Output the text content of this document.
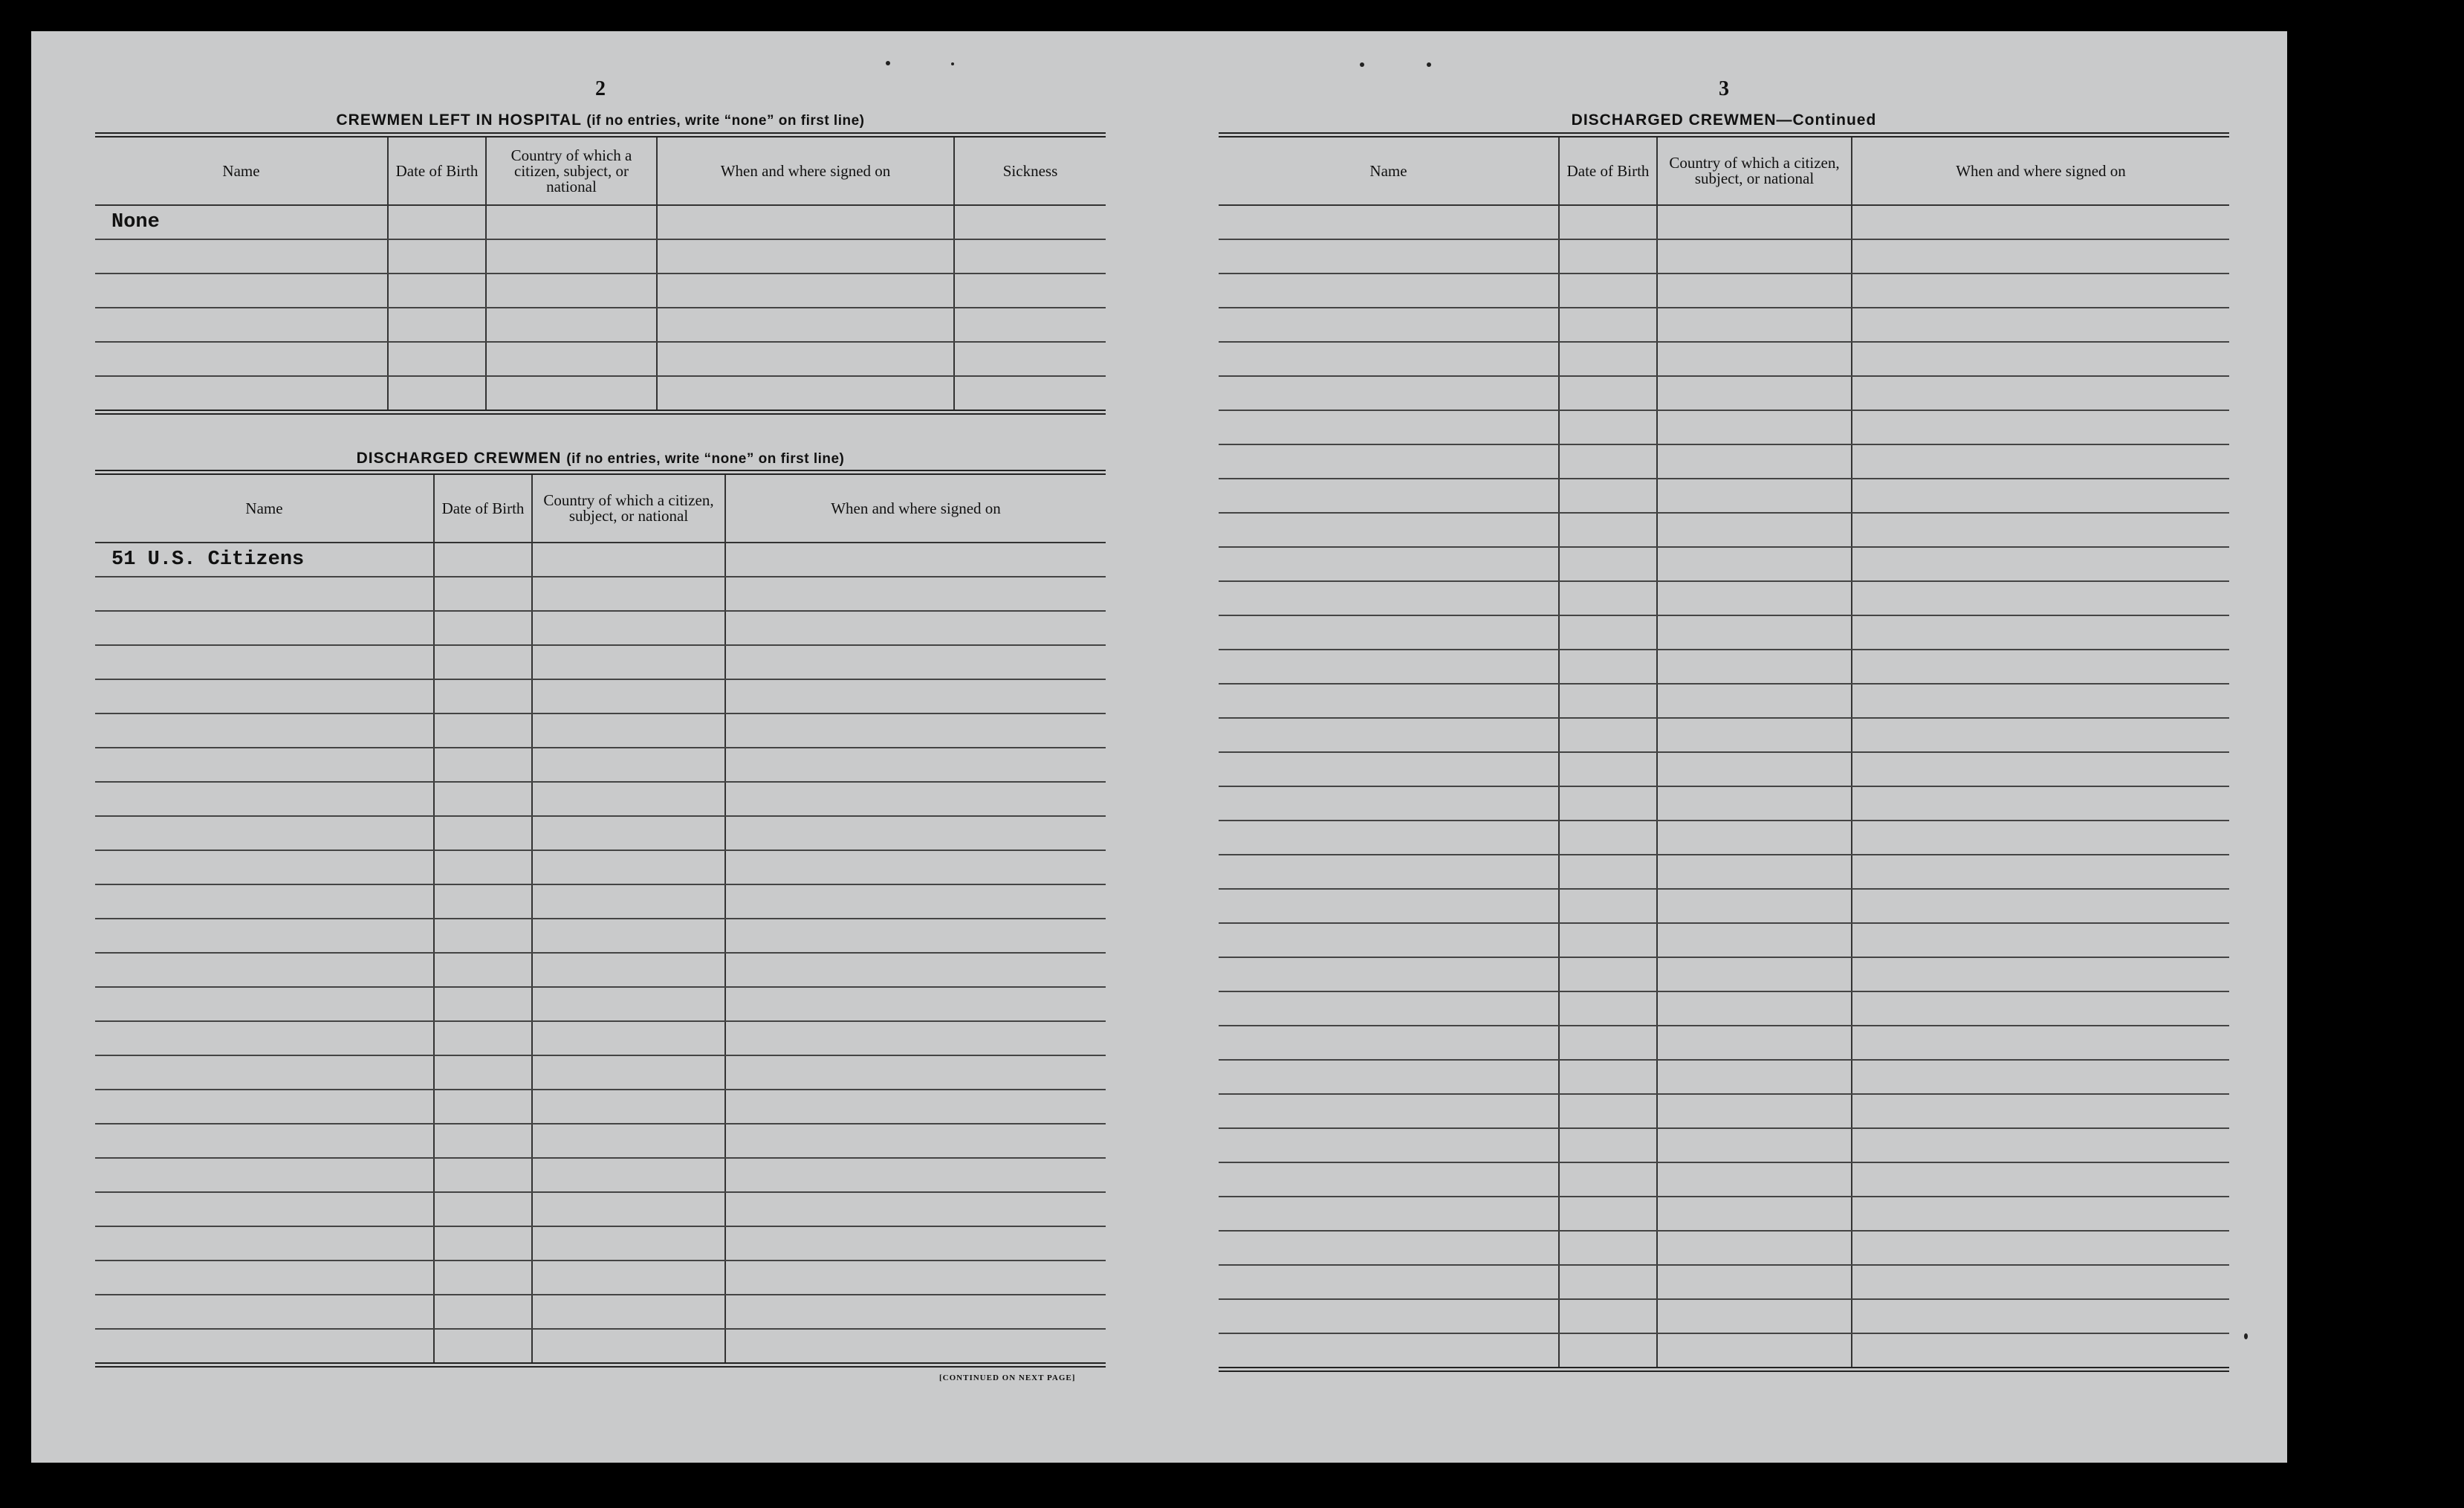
2
CREWMEN LEFT IN HOSPITAL (if no entries, write “none” on first line)
Name	Date of Birth	Country of which a citizen, subject, or national	When and where signed on	Sickness
None				

DISCHARGED CREWMEN (if no entries, write “none” on first line)
Name	Date of Birth	Country of which a citizen, subject, or national	When and where signed on
51 U.S. Citizens			

[CONTINUED ON NEXT PAGE]
3
DISCHARGED CREWMEN—Continued
Name	Date of Birth	Country of which a citizen, subject, or national	When and where signed on
